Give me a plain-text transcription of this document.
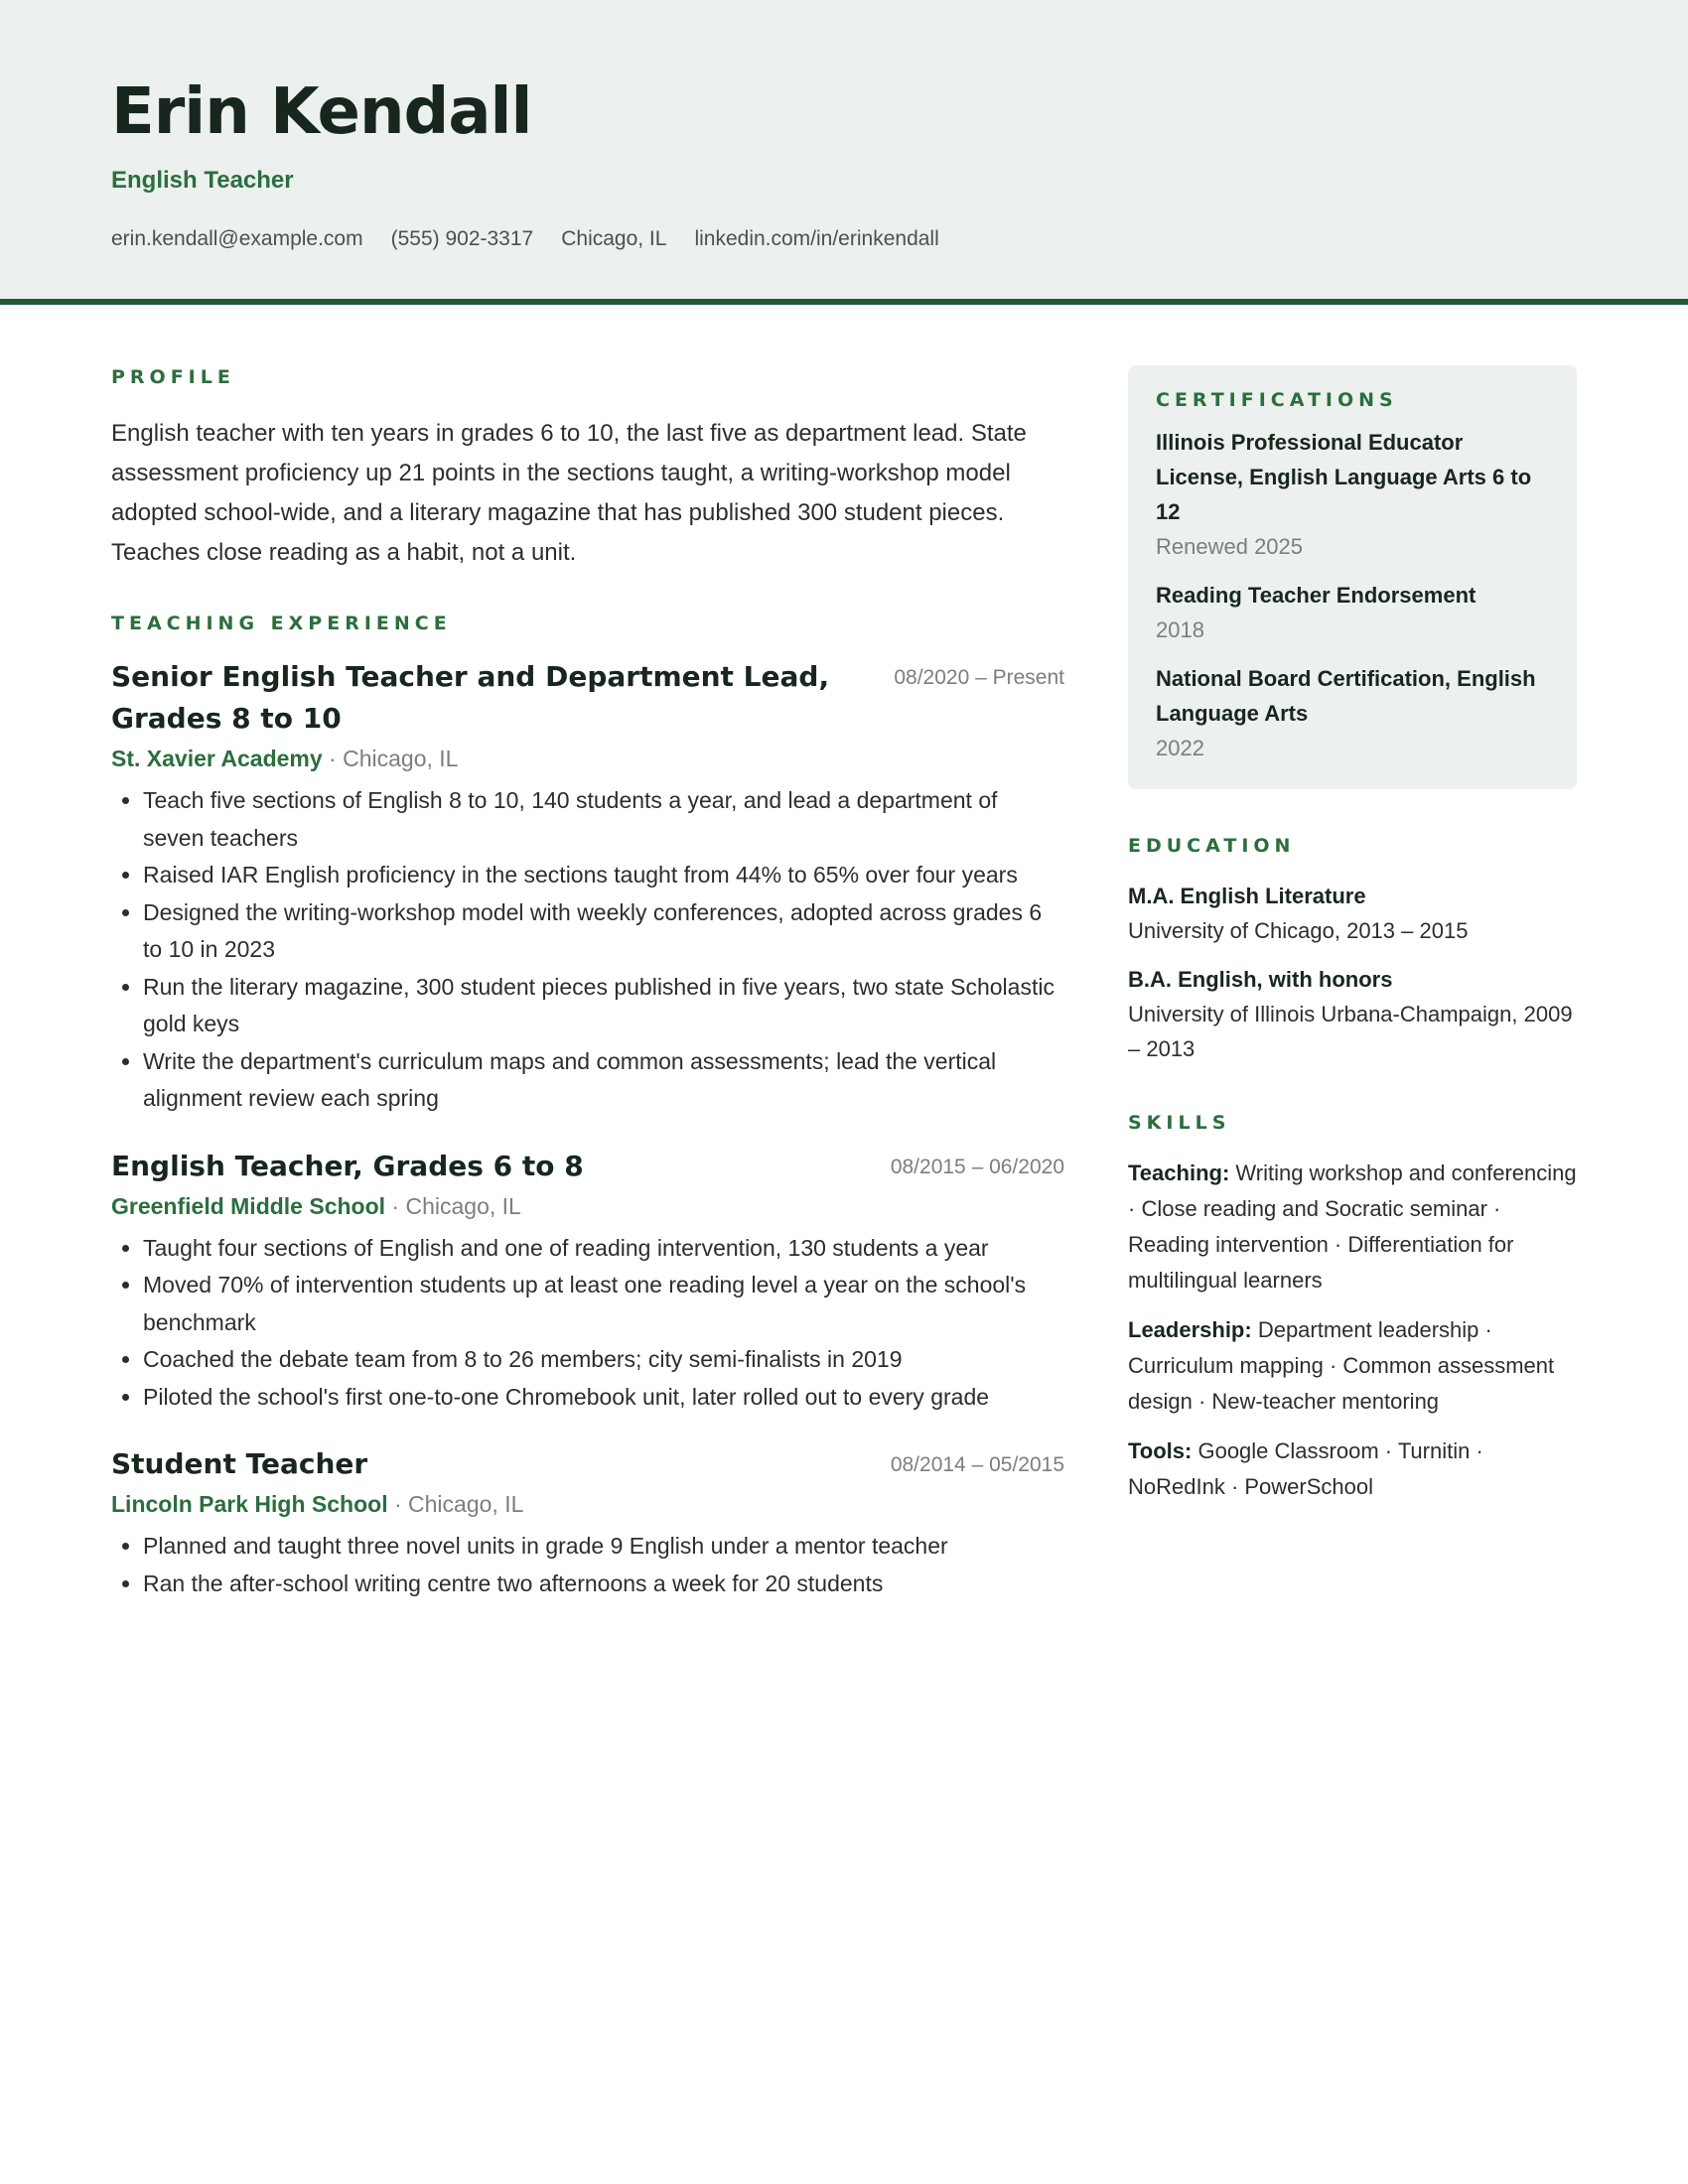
Erin Kendall
English Teacher
erin.kendall@example.com (555) 902-3317 Chicago, IL linkedin.com/in/erinkendall
PROFILE
English teacher with ten years in grades 6 to 10, the last five as department lead. State assessment proficiency up 21 points in the sections taught, a writing-workshop model adopted school-wide, and a literary magazine that has published 300 student pieces. Teaches close reading as a habit, not a unit.
TEACHING EXPERIENCE
Senior English Teacher and Department Lead, Grades 8 to 10
08/2020 – Present
St. Xavier Academy · Chicago, IL
• Teach five sections of English 8 to 10, 140 students a year, and lead a department of seven teachers
• Raised IAR English proficiency in the sections taught from 44% to 65% over four years
• Designed the writing-workshop model with weekly conferences, adopted across grades 6 to 10 in 2023
• Run the literary magazine, 300 student pieces published in five years, two state Scholastic gold keys
• Write the department's curriculum maps and common assessments; lead the vertical alignment review each spring
English Teacher, Grades 6 to 8	08/2015 – 06/2020
Greenfield Middle School · Chicago, IL
• Taught four sections of English and one of reading intervention, 130 students a year
• Moved 70% of intervention students up at least one reading level a year on the school's benchmark
• Coached the debate team from 8 to 26 members; city semi-finalists in 2019
• Piloted the school's first one-to-one Chromebook unit, later rolled out to every grade
Student Teacher	08/2014 – 05/2015
Lincoln Park High School · Chicago, IL
• Planned and taught three novel units in grade 9 English under a mentor teacher
• Ran the after-school writing centre two afternoons a week for 20 students
CERTIFICATIONS
Illinois Professional Educator License, English Language Arts 6 to 12
Renewed 2025
Reading Teacher Endorsement
2018
National Board Certification, English Language Arts
2022
EDUCATION
M.A. English Literature
University of Chicago, 2013 – 2015
B.A. English, with honors
University of Illinois Urbana-Champaign, 2009 – 2013
SKILLS
Teaching: Writing workshop and conferencing · Close reading and Socratic seminar · Reading intervention · Differentiation for multilingual learners
Leadership: Department leadership · Curriculum mapping · Common assessment design · New-teacher mentoring
Tools: Google Classroom · Turnitin · NoRedInk · PowerSchool
